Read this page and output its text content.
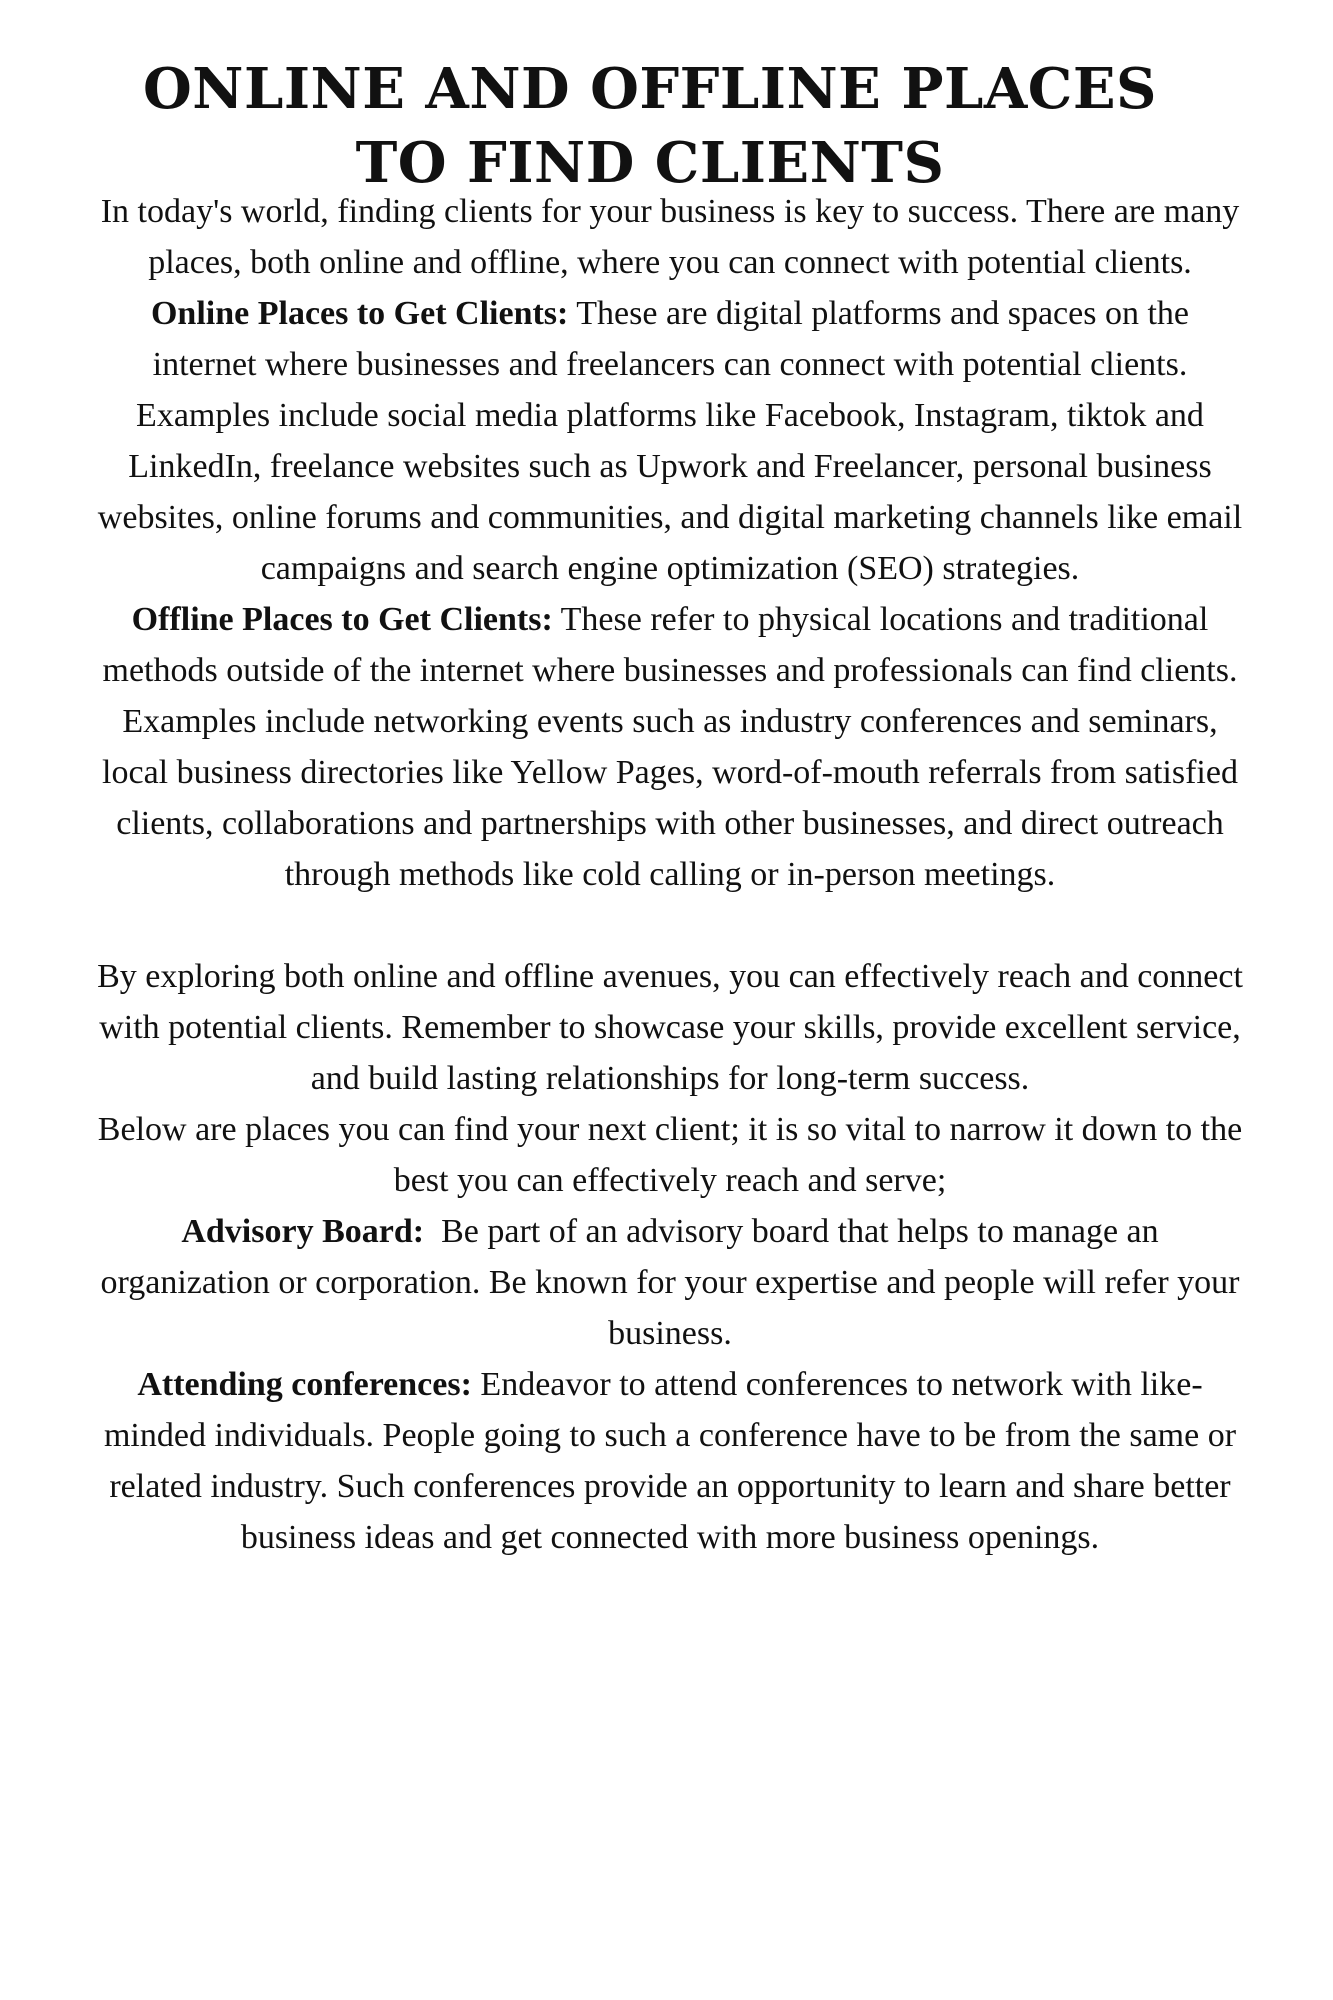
ONLINE AND OFFLINE PLACES
TO FIND CLIENTS

In today's world, finding clients for your business is key to success. There are many places, both online and offline, where you can connect with potential clients.

Online Places to Get Clients: These are digital platforms and spaces on the internet where businesses and freelancers can connect with potential clients. Examples include social media platforms like Facebook, Instagram, tiktok and LinkedIn, freelance websites such as Upwork and Freelancer, personal business websites, online forums and communities, and digital marketing channels like email campaigns and search engine optimization (SEO) strategies.

Offline Places to Get Clients: These refer to physical locations and traditional methods outside of the internet where businesses and professionals can find clients. Examples include networking events such as industry conferences and seminars, local business directories like Yellow Pages, word-of-mouth referrals from satisfied clients, collaborations and partnerships with other businesses, and direct outreach through methods like cold calling or in-person meetings.

By exploring both online and offline avenues, you can effectively reach and connect with potential clients. Remember to showcase your skills, provide excellent service, and build lasting relationships for long-term success.

Below are places you can find your next client; it is so vital to narrow it down to the best you can effectively reach and serve;

Advisory Board:  Be part of an advisory board that helps to manage an organization or corporation. Be known for your expertise and people will refer your business.

Attending conferences: Endeavor to attend conferences to network with like-minded individuals. People going to such a conference have to be from the same or related industry. Such conferences provide an opportunity to learn and share better business ideas and get connected with more business openings.
